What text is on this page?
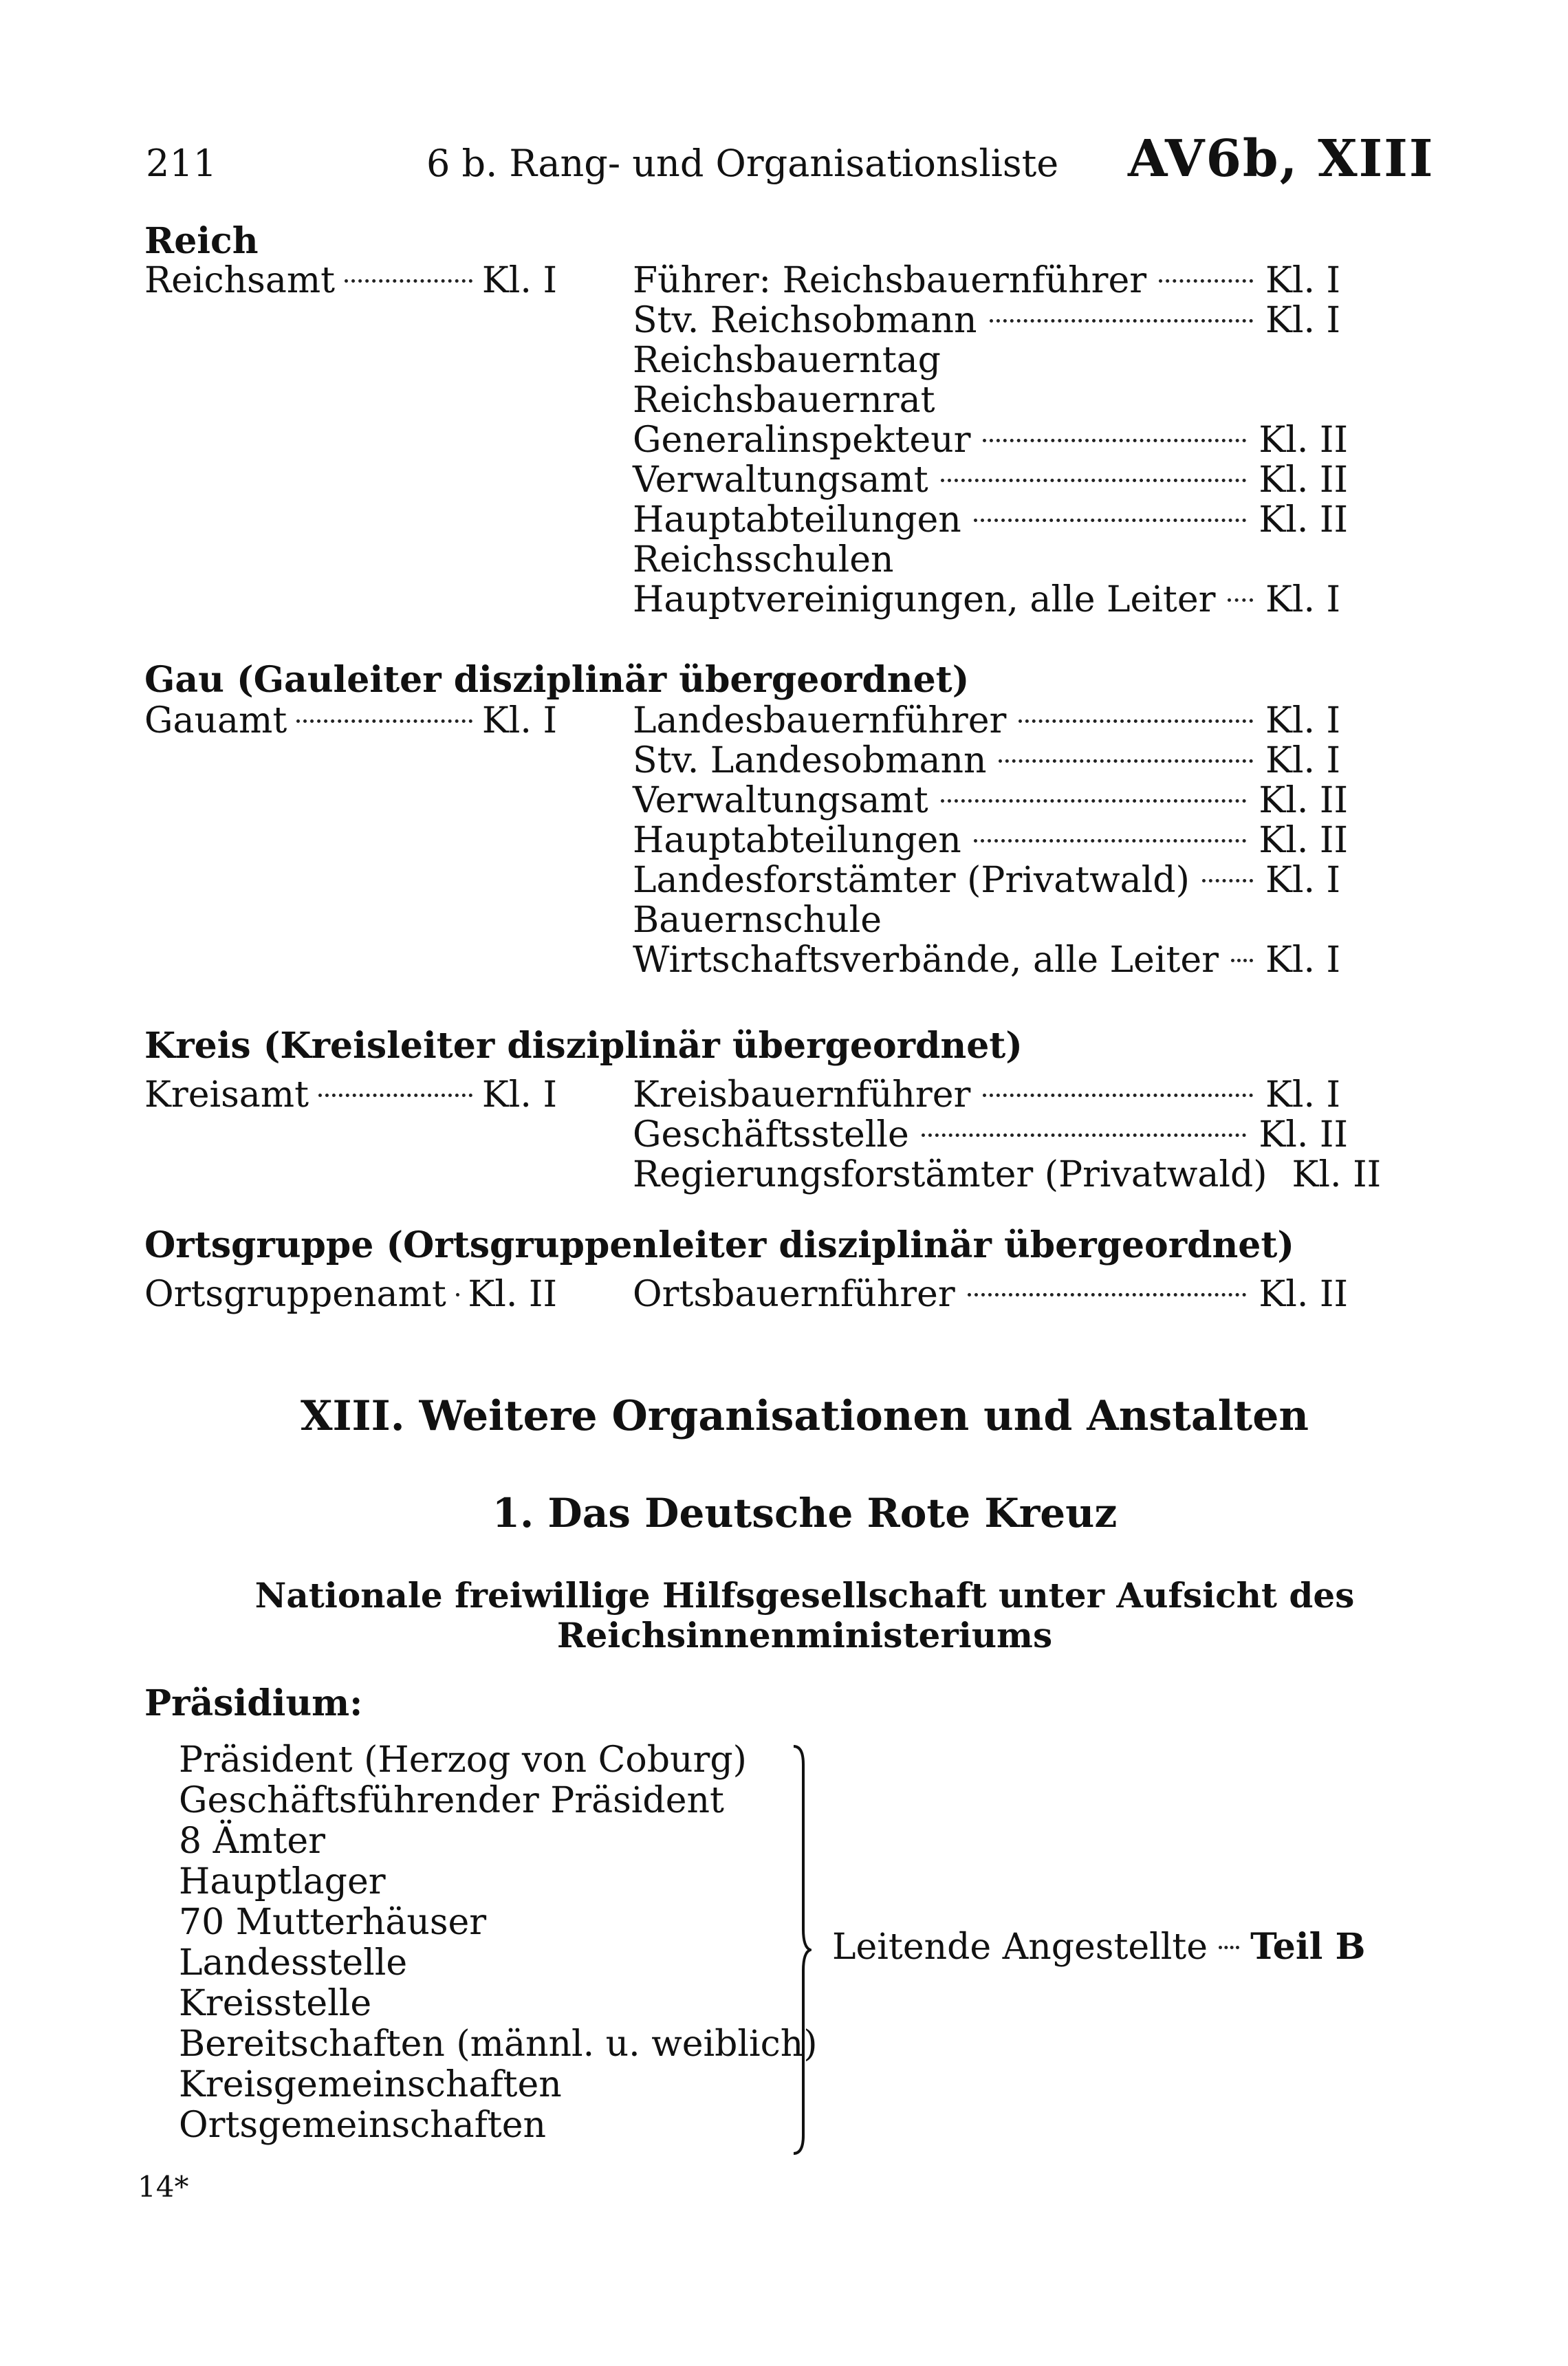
211	6 b. Rang- und Organisationsliste AV6b, XIII
Reich
Reichsamt	Kl. I Führer: Reichsbauernführer	Kl. I
Stv. Reichsobmann	Kl. I
Reichsbauerntag
Reichsbauernrat
Generalinspekteur	Kl. II
Verwaltungsamt	Kl. II
Hauptabteilungen	Kl. II
Reichsschulen
Hauptvereinigungen, alle Leiter Kl. I
Gau (Gauleiter disziplinär übergeordnet)
Gauamt	Kl. I Landesbauernführer	Kl. I
Stv. Landesobmann	Kl. I
Verwaltungsamt	Kl. II
Hauptabteilungen	Kl. II
Landesforstämter (Privatwald) Kl. I
Bauernschule
Wirtschaftsverbände, alle Leiter Kl. I
Kreis (Kreisleiter disziplinär übergeordnet)
Kreisamt	Kl. I Kreisbauernführer	Kl. I
Geschäftsstelle	Kl. II
Regierungsforstämter (Privatwald) Kl. II
Ortsgruppe (Ortsgruppenleiter disziplinär übergeordnet)
Ortsgruppenamt Kl. II Ortsbauernführer	Kl. II
XIII. Weitere Organisationen und Anstalten
1. Das Deutsche Rote Kreuz
Nationale freiwillige Hilfsgesellschaft unter Aufsicht des
Reichsinnenministeriums
Präsidium:
Präsident (Herzog von Coburg)
Geschäftsführender Präsident
8 Ämter
Hauptlager
70 Mutterhäuser
Landesstelle
Kreisstelle
Bereitschaften (männl. u. weiblich)
Kreisgemeinschaften
Ortsgemeinschaften
Leitende Angestellte Teil B
14*
